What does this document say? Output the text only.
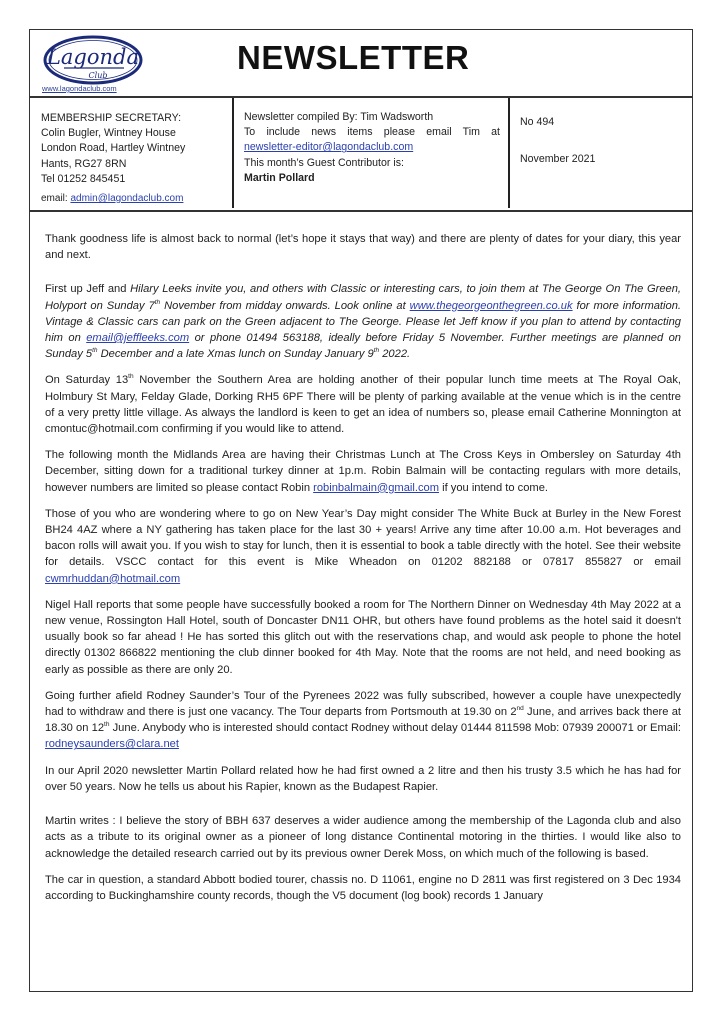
Lagonda
Club
www.lagondaclub.com
NEWSLETTER
MEMBERSHIP SECRETARY:
Colin Bugler, Wintney House
London Road, Hartley Wintney
Hants, RG27 8RN
Tel 01252 845451
email: admin@lagondaclub.com
Newsletter compiled By: Tim Wadsworth
To include news items please email Tim at
newsletter-editor@lagondaclub.com
This month’s Guest Contributor is:
Martin Pollard
No 494
November 2021

Thank goodness life is almost back to normal (let’s hope it stays that way) and there are plenty of dates for your diary, this year and next.

First up Jeff and Hilary Leeks invite you, and others with Classic or interesting cars, to join them at The George On The Green, Holyport on Sunday 7th November from midday onwards. Look online at www.thegeorgeonthegreen.co.uk for more information. Vintage & Classic cars can park on the Green adjacent to The George. Please let Jeff know if you plan to attend by contacting him on email@jeffleeks.com or phone 01494 563188, ideally before Friday 5 November. Further meetings are planned on Sunday 5th December and a late Xmas lunch on Sunday January 9th 2022.

On Saturday 13th November the Southern Area are holding another of their popular lunch time meets at The Royal Oak, Holmbury St Mary, Felday Glade, Dorking RH5 6PF There will be plenty of parking available at the venue which is in the centre of a very pretty little village. As always the landlord is keen to get an idea of numbers so, please email Catherine Monnington at cmontuc@hotmail.com confirming if you would like to attend.

The following month the Midlands Area are having their Christmas Lunch at The Cross Keys in Ombersley on Saturday 4th December, sitting down for a traditional turkey dinner at 1p.m. Robin Balmain will be contacting regulars with more details, however numbers are limited so please contact Robin robinbalmain@gmail.com if you intend to come.

Those of you who are wondering where to go on New Year’s Day might consider The White Buck at Burley in the New Forest BH24 4AZ where a NY gathering has taken place for the last 30 + years! Arrive any time after 10.00 a.m. Hot beverages and bacon rolls will await you. If you wish to stay for lunch, then it is essential to book a table directly with the hotel. See their website for details. VSCC contact for this event is Mike Wheadon on 01202 882188 or 07817 855827 or email cwmrhuddan@hotmail.com

Nigel Hall reports that some people have successfully booked a room for The Northern Dinner on Wednesday 4th May 2022 at a new venue, Rossington Hall Hotel, south of Doncaster DN11 OHR, but others have found problems as the hotel said it doesn't usually book so far ahead ! He has sorted this glitch out with the reservations chap, and would ask people to phone the hotel directly 01302 866822 mentioning the club dinner booked for 4th May. Note that the rooms are not held, and need booking as early as possible as there are only 20.

Going further afield Rodney Saunder’s Tour of the Pyrenees 2022 was fully subscribed, however a couple have unexpectedly had to withdraw and there is just one vacancy. The Tour departs from Portsmouth at 19.30 on 2nd June, and arrives back there at 18.30 on 12th June. Anybody who is interested should contact Rodney without delay 01444 811598 Mob: 07939 200071 or Email: rodneysaunders@clara.net

In our April 2020 newsletter Martin Pollard related how he had first owned a 2 litre and then his trusty 3.5 which he has had for over 50 years. Now he tells us about his Rapier, known as the Budapest Rapier.

Martin writes : I believe the story of BBH 637 deserves a wider audience among the membership of the Lagonda club and also acts as a tribute to its original owner as a pioneer of long distance Continental motoring in the thirties. I would like also to acknowledge the detailed research carried out by its previous owner Derek Moss, on which much of the following is based.

The car in question, a standard Abbott bodied tourer, chassis no. D 11061, engine no D 2811 was first registered on 3 Dec 1934 according to Buckinghamshire county records, though the V5 document (log book) records 1 January
